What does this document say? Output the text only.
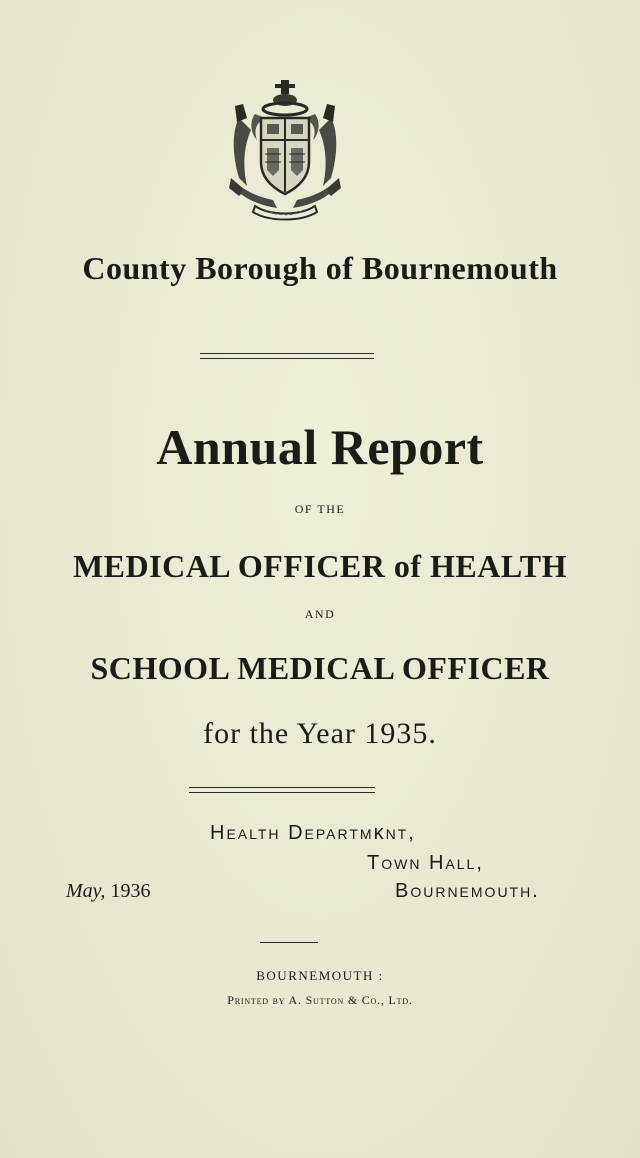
County Borough of Bournemouth
Annual Report
OF THE
MEDICAL OFFICER of HEALTH
AND
SCHOOL MEDICAL OFFICER
for the Year 1935.
Health Departmĸnt,
Town Hall,
Bournemouth.
May, 1936
BOURNEMOUTH :
Printed by A. Sutton & Co., Ltd.
